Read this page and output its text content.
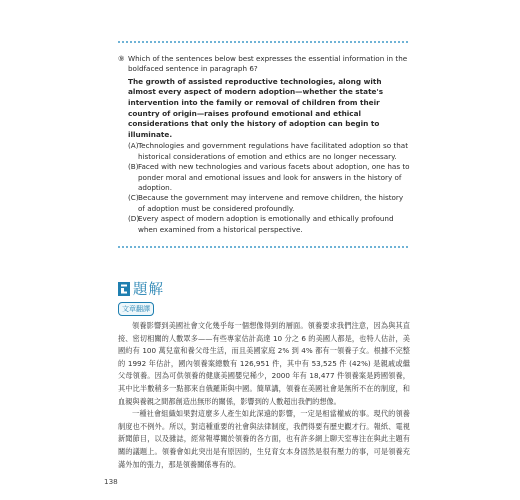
⑨ Which of the sentences below best expresses the essential information in the
boldfaced sentence in paragraph 6?
The growth of assisted reproductive technologies, along with almost every aspect of modern adoption—whether the state's intervention into the family or removal of children from their country of origin—raises profound emotional and ethical considerations that only the history of adoption can begin to illuminate.
(A) Technologies and government regulations have facilitated adoption so that historical considerations of emotion and ethics are no longer necessary.
(B) Faced with new technologies and various facets about adoption, one has to ponder moral and emotional issues and look for answers in the history of adoption.
(C) Because the government may intervene and remove children, the history of adoption must be considered profoundly.
(D)
Every aspect of modern adoption is emotionally and ethically profound when examined from a historical perspective.
題解
文章翻譯

領養影響到美國社會文化幾乎每一個想像得到的層面。領養要求我們注意，因為與其直接、密切相關的人數眾多——有些專家估計高達 10 分之 6 的美國人都是，也特人估計，美國約有 100 萬兒童和養父母生活，而且美國家庭 2% 到 4% 都有一領養子女。根據不完整的 1992 年估計，國內領養案總數有 126,951 件，其中有 53,525 件 (42%) 是親戚或繼父母領養。因為可供領養的健康美國嬰兒稀少，2000 年有 18,477 件領養案是跨國領養，其中比半數稍多一點都來自俄羅斯與中國。簡單講，領養在美國社會是無所不在的制度，和血親與養親之間都創造出無形的關係，影響到的人數超出我們的想像。

一種社會組織如果對這麼多人產生如此深遠的影響，一定是相當權威的事。現代的領養制度也不例外。所以，對這種重要的社會與法律制度，我們得要有歷史觀才行。報紙、電視新聞節目，以及雜誌，經常報導關於領養的各方面，也有許多網上聊天室專注在與此主題有關的議題上。領養會如此突出是有原因的，生兒育女本身固然是很有壓力的事，可是領養充滿外加的張力，那是領養關係專有的。

138
